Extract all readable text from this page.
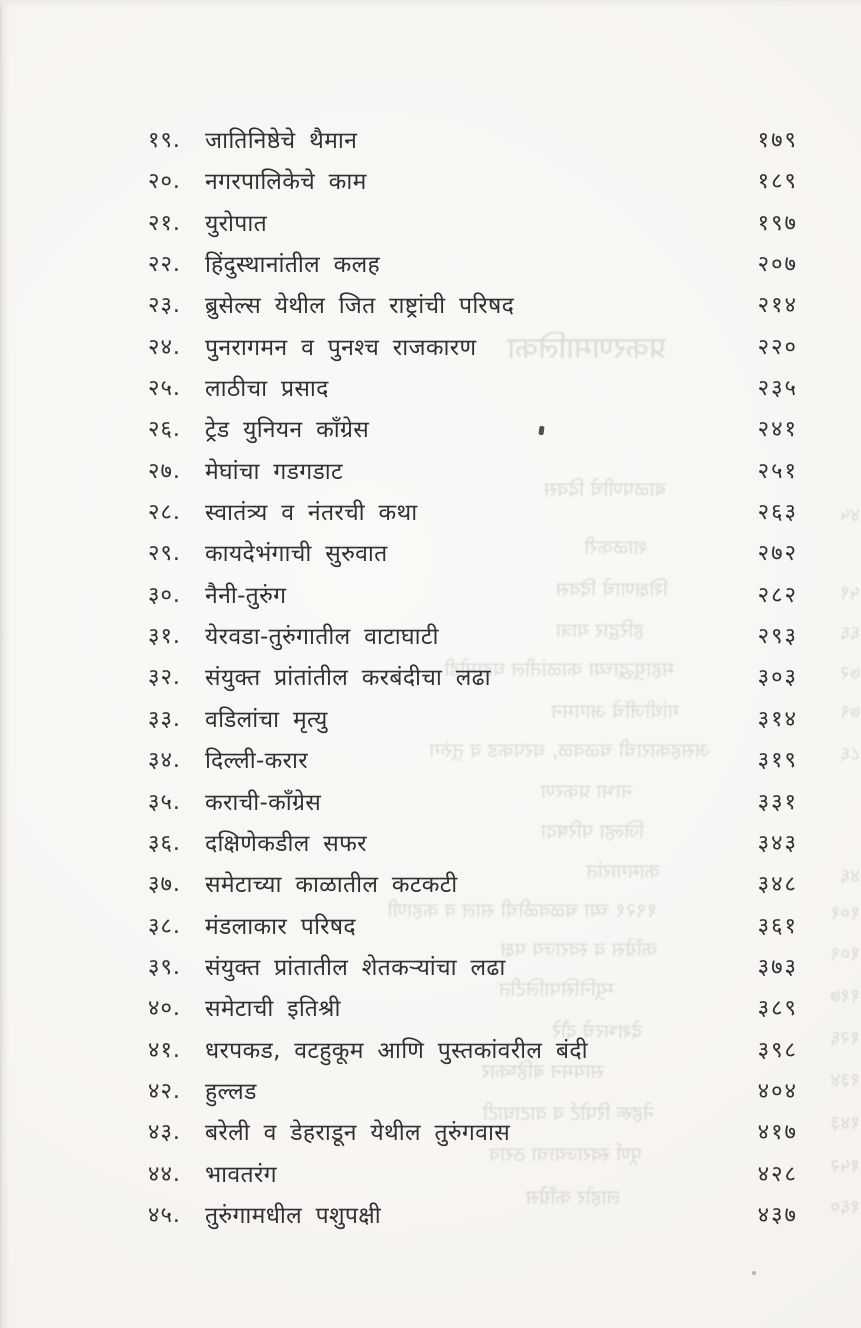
प्रकरणमालिका
बाळपणीचे दिवस
शाळकरी
शिक्षणाचे दिवस
हरिद्वार यात्रा
महायुद्धाच्या काळांतील घडामोडी
गांधीजींचे आगमन
असहकाराची चळवळ, धरपकड व तुरुंग
नाभा प्रकरण
जिल्हा परिषदा
कामगारांत
१९२१ च्या चळवळीची साल व कहाणी
काँग्रेस व स्वराज्य पक्ष
म्युनिसिपालिटीत
देशभरचे दौरे
सायमन बहिष्कार
नेहरू रिपोर्ट व वाटाघाटी
पूर्ण स्वराज्याचा ठराव
लाहोर काँग्रेस
४५
५९
६६
७२
७९
८६
४६
१०१
१०९
११७
१२६
१३४
१४३
१५२
१६०
१९.	जातिनिष्ठेचे थैमान	१७९
२०.	नगरपालिकेचे काम	१८९
२१.	युरोपात	१९७
२२.	हिंदुस्थानांतील कलह	२०७
२३.	ब्रुसेल्स येथील जित राष्ट्रांची परिषद	२१४
२४.	पुनरागमन व पुनश्च राजकारण	२२०
२५.	लाठीचा प्रसाद	२३५
२६.	ट्रेड युनियन काँग्रेस	२४१
२७.	मेघांचा गडगडाट	२५१
२८.	स्वातंत्र्य व नंतरची कथा	२६३
२९.	कायदेभंगाची सुरुवात	२७२
३०.	नैनी-तुरुंग	२८२
३१.	येरवडा-तुरुंगातील वाटाघाटी	२९३
३२.	संयुक्त प्रांतांतील करबंदीचा लढा	३०३
३३.	वडिलांचा मृत्यु	३१४
३४.	दिल्ली-करार	३१९
३५.	कराची-काँग्रेस	३३१
३६.	दक्षिणेकडील सफर	३४३
३७.	समेटाच्या काळातील कटकटी	३४८
३८.	मंडलाकार परिषद	३६१
३९.	संयुक्त प्रांतातील शेतकऱ्यांचा लढा	३७३
४०.	समेटाची इतिश्री	३८९
४१.	धरपकड, वटहुकूम आणि पुस्तकांवरील बंदी	३९८
४२.	हुल्लड	४०४
४३.	बरेली व डेहराडून येथील तुरुंगवास	४१७
४४.	भावतरंग	४२८
४५.	तुरुंगामधील पशुपक्षी	४३७
